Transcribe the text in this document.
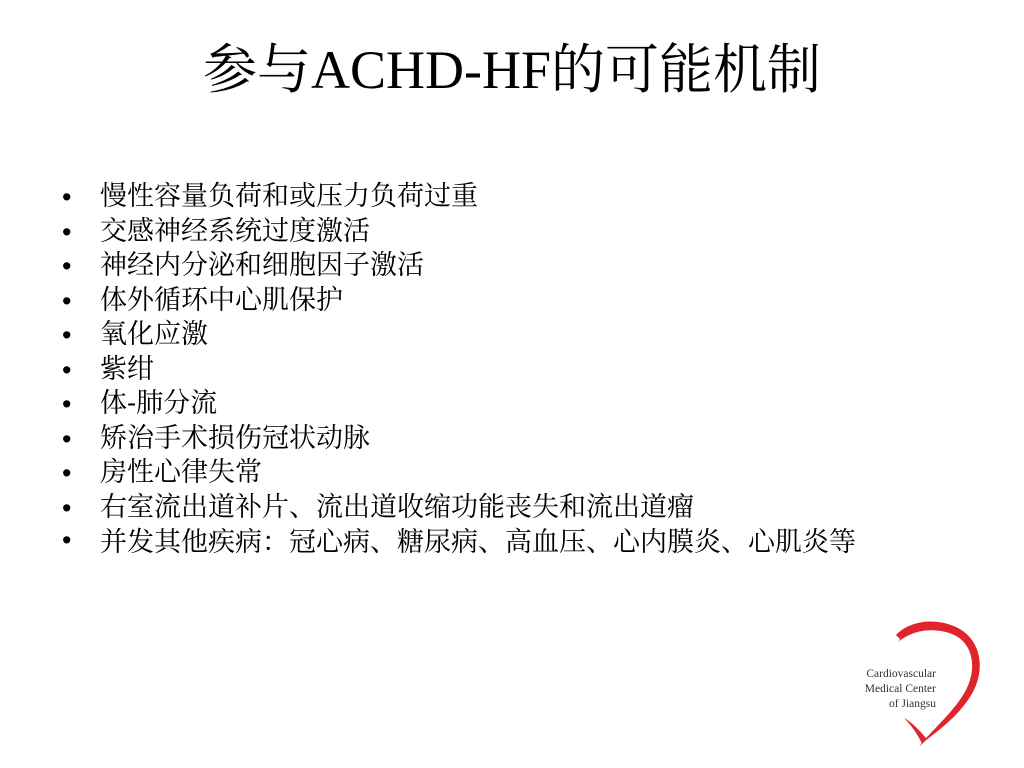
参与ACHD-HF的可能机制
• 慢性容量负荷和或压力负荷过重
• 交感神经系统过度激活
• 神经内分泌和细胞因子激活
• 体外循环中心肌保护
• 氧化应激
• 紫绀
• 体-肺分流
• 矫治手术损伤冠状动脉
• 房性心律失常
• 右室流出道补片、流出道收缩功能丧失和流出道瘤
• 并发其他疾病：冠心病、糖尿病、高血压、心内膜炎、心肌炎等
Cardiovascular
Medical Center
of Jiangsu
